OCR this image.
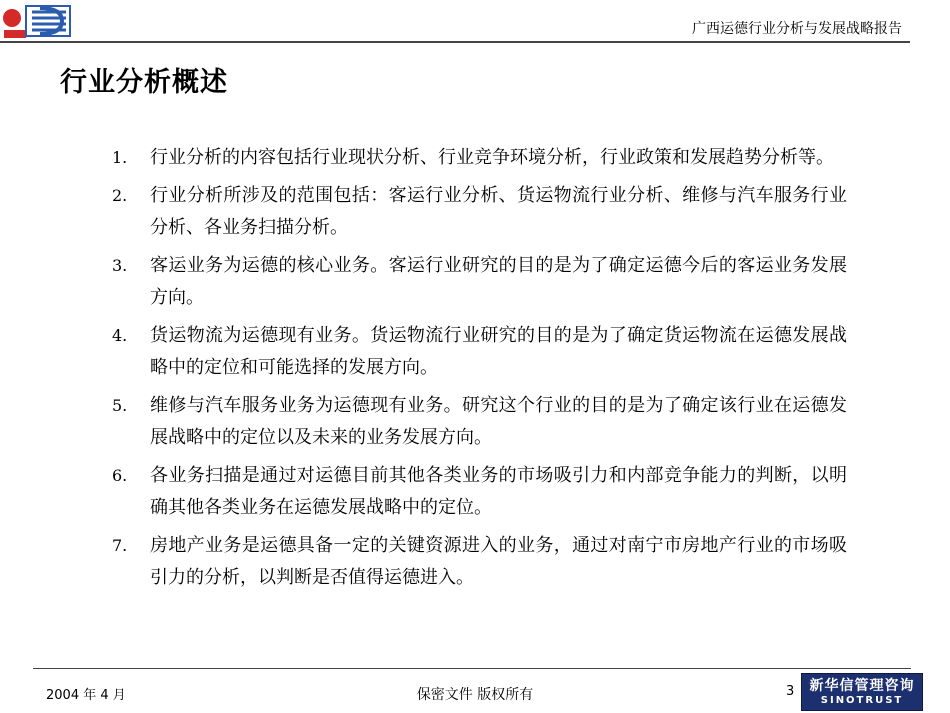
广西运德行业分析与发展战略报告
行业分析概述
1. 行业分析的内容包括行业现状分析、行业竞争环境分析，行业政策和发展趋势分析等。
2. 行业分析所涉及的范围包括：客运行业分析、货运物流行业分析、维修与汽车服务行业分析、各业务扫描分析。
3. 客运业务为运德的核心业务。客运行业研究的目的是为了确定运德今后的客运业务发展方向。
4. 货运物流为运德现有业务。货运物流行业研究的目的是为了确定货运物流在运德发展战略中的定位和可能选择的发展方向。
5. 维修与汽车服务业务为运德现有业务。研究这个行业的目的是为了确定该行业在运德发展战略中的定位以及未来的业务发展方向。
6. 各业务扫描是通过对运德目前其他各类业务的市场吸引力和内部竞争能力的判断，以明确其他各类业务在运德发展战略中的定位。
7. 房地产业务是运德具备一定的关键资源进入的业务，通过对南宁市房地产行业的市场吸引力的分析，以判断是否值得运德进入。
2004 年 4 月	保密文件 版权所有	3 新华信管理咨询
SINOTRUST
